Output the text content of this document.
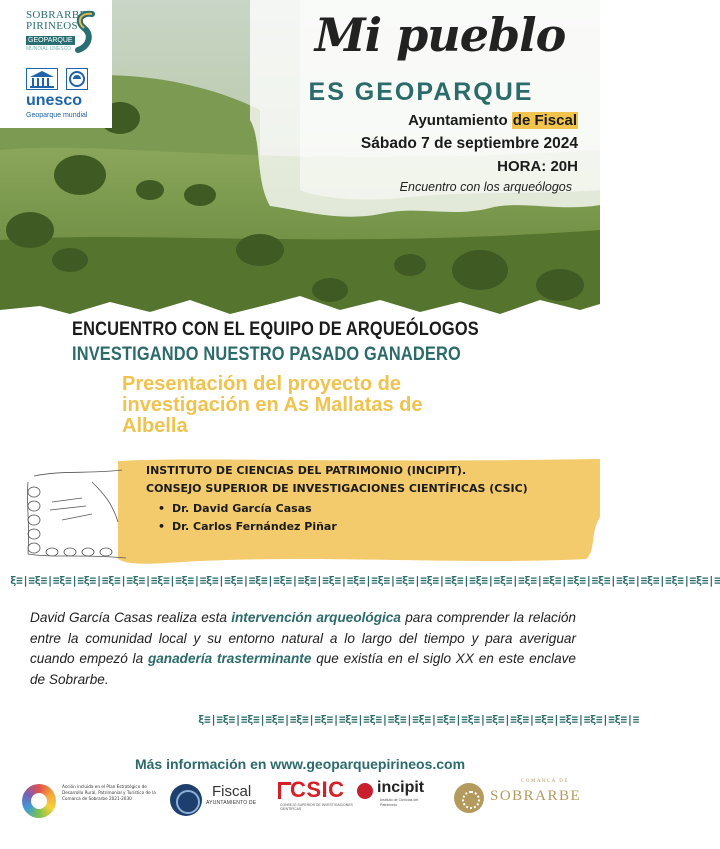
SOBRARBE
PIRINEOS
GEOPARQUE
MUNDIAL UNESCO
unesco
Geoparque mundial
Mi pueblo
ES GEOPARQUE
Ayuntamiento de Fiscal
Sábado 7 de septiembre 2024
HORA: 20H
Encuentro con los arqueólogos
ENCUENTRO CON EL EQUIPO DE ARQUEÓLOGOS
INVESTIGANDO NUESTRO PASADO GANADERO
Presentación del proyecto de investigación en As Mallatas de Albella
INSTITUTO DE CIENCIAS DEL PATRIMONIO (INCIPIT).
CONSEJO SUPERIOR DE INVESTIGACIONES CIENTÍFICAS (CSIC)
• Dr. David García Casas
• Dr. Carlos Fernández Piñar
ξ≡|≡ξ≡|≡ξ≡|≡ξ≡|≡ξ≡|≡ξ≡|≡ξ≡|≡ξ≡|≡ξ≡|≡ξ≡|≡ξ≡|≡ξ≡|≡ξ≡|≡ξ≡|≡ξ≡|≡ξ≡|≡ξ≡|≡ξ≡|≡ξ≡|≡ξ≡|≡ξ≡|≡ξ≡|≡ξ≡|≡ξ≡|≡ξ≡|≡ξ≡|≡ξ≡|≡ξ≡|≡ξ≡|≡

David García Casas realiza esta intervención arqueológica para comprender la relación entre la comunidad local y su entorno natural a lo largo del tiempo y para averiguar cuando empezó la ganadería trasterminante que existía en el siglo XX en este enclave de Sobrarbe.

ξ≡|≡ξ≡|≡ξ≡|≡ξ≡|≡ξ≡|≡ξ≡|≡ξ≡|≡ξ≡|≡ξ≡|≡ξ≡|≡ξ≡|≡ξ≡|≡ξ≡|≡ξ≡|≡ξ≡|≡ξ≡|≡ξ≡|≡ξ≡|≡
Más información en www.geoparquepirineos.com
Acción incluida en el Plan Estratégico de Desarrollo Rural, Patrimonial y Turístico de la Comarca de Sobrarbe 2021-2030	Fiscal
AYUNTAMIENTO DE
CSIC
CONSEJO SUPERIOR DE INVESTIGACIONES CIENTÍFICAS
incipit
Instituto de Ciencias del Patrimonio
COMARCA DE
SOBRARBE
